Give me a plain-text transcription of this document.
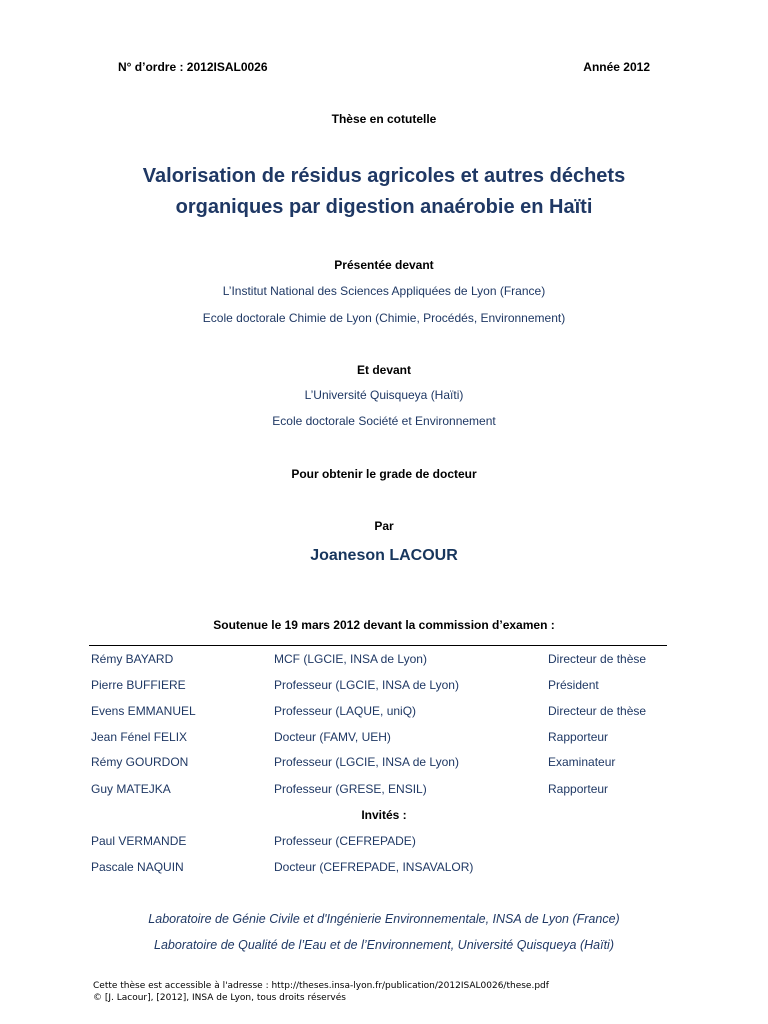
N° d’ordre : 2012ISAL0026	Année 2012
Thèse en cotutelle
Valorisation de résidus agricoles et autres déchets
organiques par digestion anaérobie en Haïti
Présentée devant
L’Institut National des Sciences Appliquées de Lyon (France)
Ecole doctorale Chimie de Lyon (Chimie, Procédés, Environnement)
Et devant
L’Université Quisqueya (Haïti)
Ecole doctorale Société et Environnement
Pour obtenir le grade de docteur
Par
Joaneson LACOUR
Soutenue le 19 mars 2012 devant la commission d’examen :
Rémy BAYARD	MCF (LGCIE, INSA de Lyon)	Directeur de thèse
Pierre BUFFIERE	Professeur (LGCIE, INSA de Lyon)	Président
Evens EMMANUEL	Professeur (LAQUE, uniQ)	Directeur de thèse
Jean Fénel FELIX	Docteur (FAMV, UEH)	Rapporteur
Rémy GOURDON	Professeur (LGCIE, INSA de Lyon)	Examinateur
Guy MATEJKA	Professeur (GRESE, ENSIL)	Rapporteur
Invités :
Paul VERMANDE	Professeur (CEFREPADE)
Pascale NAQUIN	Docteur (CEFREPADE, INSAVALOR)
Laboratoire de Génie Civile et d'Ingénierie Environnementale, INSA de Lyon (France)
Laboratoire de Qualité de l’Eau et de l’Environnement, Université Quisqueya (Haïti)
Cette thèse est accessible à l'adresse : http://theses.insa-lyon.fr/publication/2012ISAL0026/these.pdf
© [J. Lacour], [2012], INSA de Lyon, tous droits réservés
